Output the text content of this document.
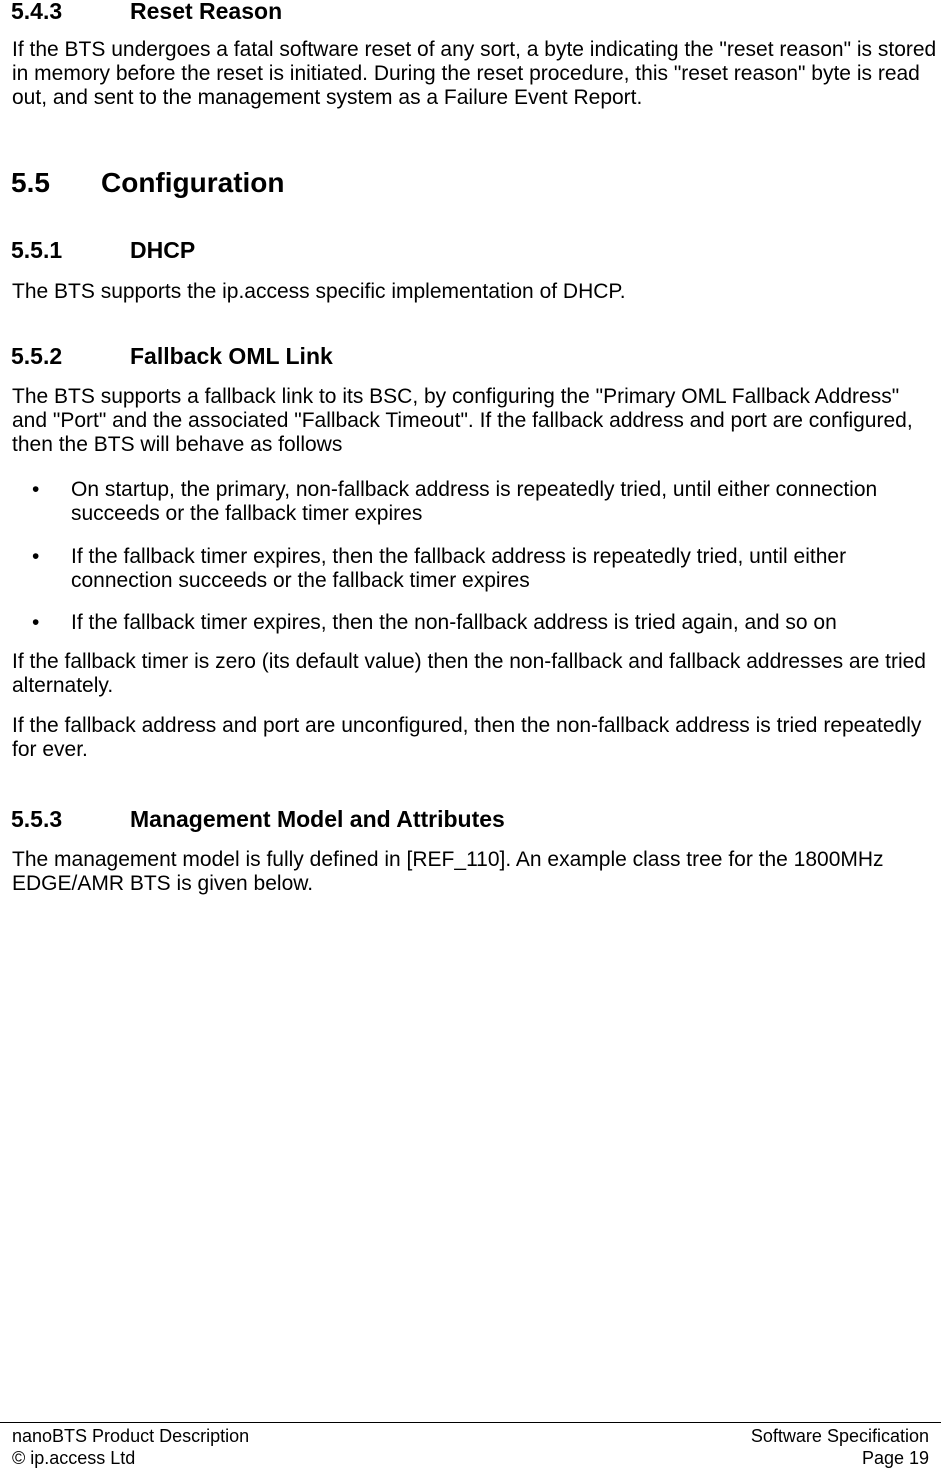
5.4.3	Reset Reason
If the BTS undergoes a fatal software reset of any sort, a byte indicating the "reset reason" is stored in memory before the reset is initiated. During the reset procedure, this "reset reason" byte is read out, and sent to the management system as a Failure Event Report.
5.5 Configuration
5.5.1	DHCP
The BTS supports the ip.access specific implementation of DHCP.
5.5.2	Fallback OML Link
The BTS supports a fallback link to its BSC, by configuring the "Primary OML Fallback Address" and "Port" and the associated "Fallback Timeout". If the fallback address and port are configured, then the BTS will behave as follows
• On startup, the primary, non-fallback address is repeatedly tried, until either connection succeeds or the fallback timer expires
• If the fallback timer expires, then the fallback address is repeatedly tried, until either connection succeeds or the fallback timer expires
• If the fallback timer expires, then the non-fallback address is tried again, and so on
If the fallback timer is zero (its default value) then the non-fallback and fallback addresses are tried alternately.
If the fallback address and port are unconfigured, then the non-fallback address is tried repeatedly for ever.
5.5.3	Management Model and Attributes
The management model is fully defined in [REF_110]. An example class tree for the 1800MHz EDGE/AMR BTS is given below.
nanoBTS Product Description
© ip.access Ltd
Software Specification
Page 19
